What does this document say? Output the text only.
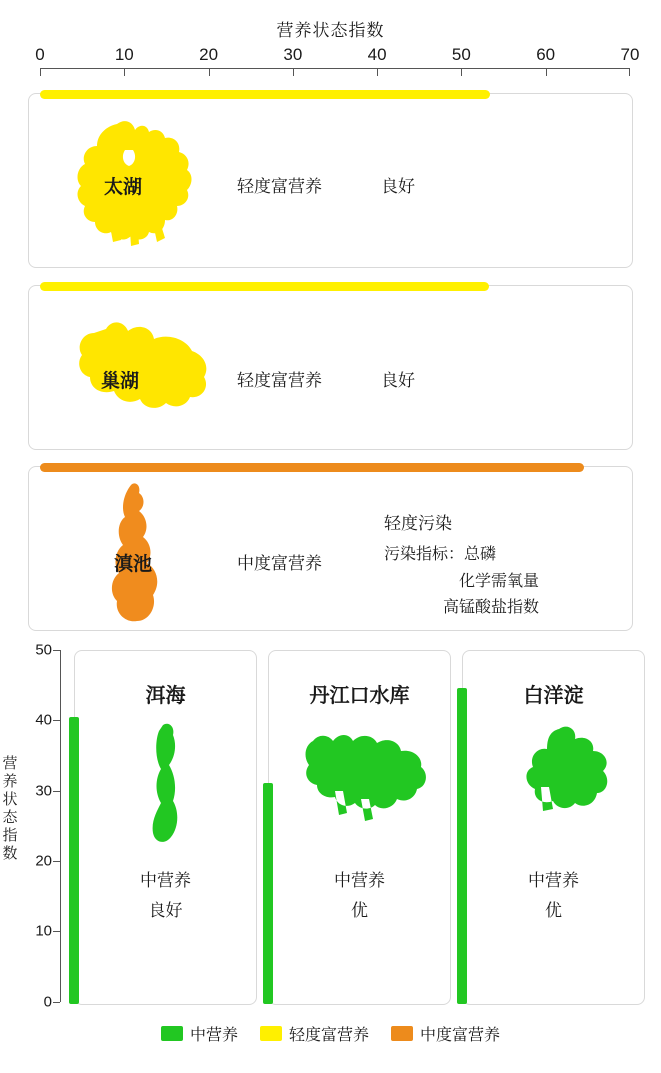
营养状态指数
0	10	20	30	40	50	60	70
太湖	轻度富营养	良好
巢湖	轻度富营养	良好
滇池	中度富营养
轻度污染
污染指标：总磷
化学需氧量
高锰酸盐指数
营养状态指数
50
40
30
20
10
0
洱海
中营养
良好
丹江口水库
中营养
优
白洋淀
中营养
优
中营养	轻度富营养	中度富营养
